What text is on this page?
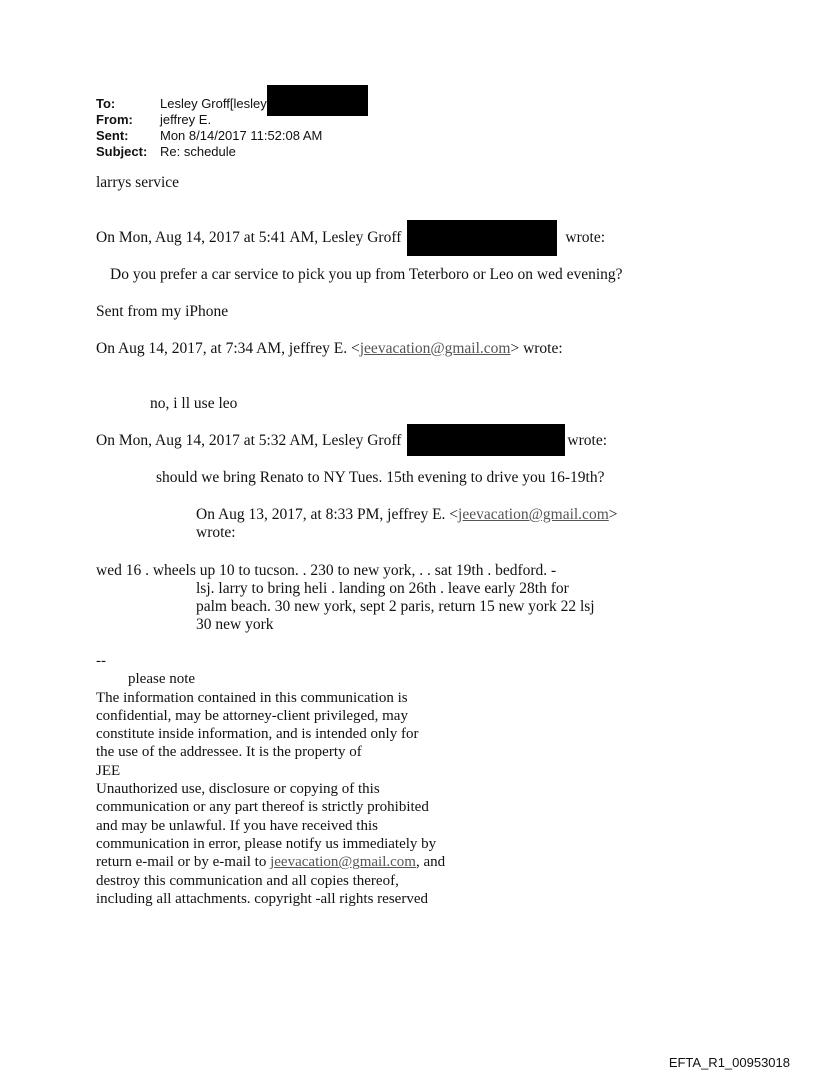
To:	Lesley Groff[lesley
From:	jeffrey E.
Sent:	Mon 8/14/2017 11:52:08 AM
Subject: Re: schedule
larrys service
On Mon, Aug 14, 2017 at 5:41 AM, Lesley Groff	wrote:
Do you prefer a car service to pick you up from Teterboro or Leo on wed evening?
Sent from my iPhone
On Aug 14, 2017, at 7:34 AM, jeffrey E. <jeevacation@gmail.com> wrote:
no, i ll use leo
On Mon, Aug 14, 2017 at 5:32 AM, Lesley Groff	wrote:
should we bring Renato to NY Tues. 15th evening to drive you 16-19th?
On Aug 13, 2017, at 8:33 PM, jeffrey E. <jeevacation@gmail.com>
wrote:
wed 16 . wheels up 10 to tucson. . 230 to new york, . . sat 19th . bedford. -
lsj. larry to bring heli . landing on 26th . leave early 28th for
palm beach. 30 new york, sept 2 paris, return 15 new york 22 lsj
30 new york
--
please note
The information contained in this communication is
confidential, may be attorney-client privileged, may
constitute inside information, and is intended only for
the use of the addressee. It is the property of
JEE
Unauthorized use, disclosure or copying of this
communication or any part thereof is strictly prohibited
and may be unlawful. If you have received this
communication in error, please notify us immediately by
return e-mail or by e-mail to jeevacation@gmail.com, and
destroy this communication and all copies thereof,
including all attachments. copyright -all rights reserved
EFTA_R1_00953018
